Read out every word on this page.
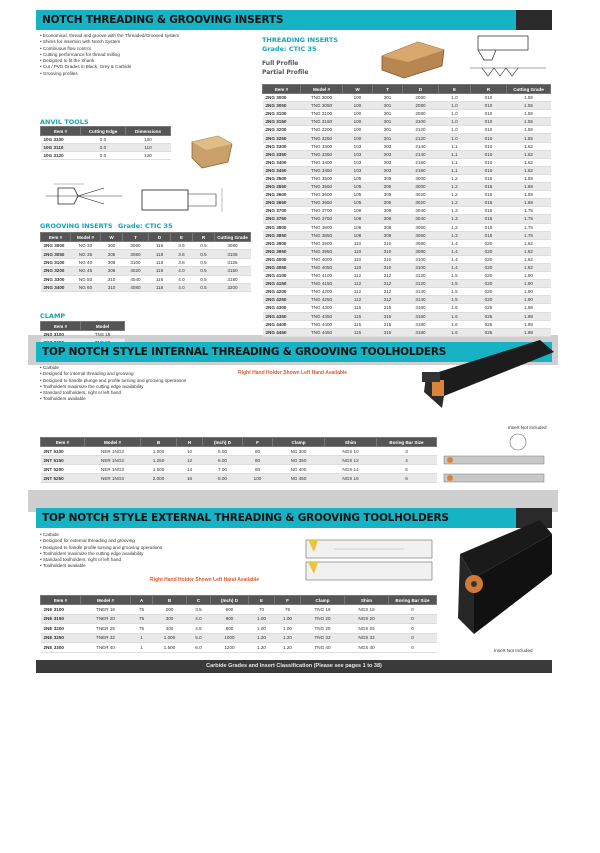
NOTCH THREADING & GROOVING INSERTS
• Economical, thread and groove with the Threaded/Grooved system
• Shims for insertion with Notch System
• Continuous flow control
• Cutting performance for thread milling
• Designed to fit the Shank
• Cut / PVD Grades in Black, Grey & Carbide
• Grooving profiles
ANVIL TOOLS
Item #	Cutting Edge	Dimensions
10G 3100	0.0	100
10G 3110	0.0	110
10G 3120	0.0	120
GROOVING INSERTS Grade: CTIC 35
Item #	Model #	W	T	D	E	R	Cutting Grade
2NG 3000	NG 30	300	3060	116	3.5	0.5	3080
2NG 3050	NG 35	305	3080	118	3.6	0.5	3105
2NG 3100	NG 40	308	3100	118	3.8	0.5	3125
2NG 3200	NG 45	308	4020	116	4.0	0.5	3150
2NG 3300	NG 50	310	4040	116	4.0	0.5	3180
2NG 3400	NG 60	310	4080	118	4.0	0.5	3200
CLAMP
Item #	Model
2NS 3100	TNS 18

THREADING INSERTS
Grade: CTIC 35
Full Profile
Partial Profile
Item #	Model #	W	T	D	E	R	Cutting Grade
2NG 3000	TNG 3000	100	301	2060	1.0	010	1.55
2NG 3050	TNG 3050	100	301	2080	1.0	010	1.55
2NG 3100	TNG 3100	100	301	2080	1.0	010	1.55
2NG 3150	TNG 3150	100	301	2100	1.0	010	1.55
2NG 3200	TNG 3200	100	301	2120	1.0	010	1.55
2NG 3250	TNG 3250	100	301	2120	1.0	010	1.55
2NG 3300	TNG 3300	103	303	2140	1.1	010	1.62
2NG 3350	TNG 3350	103	303	2140	1.1	010	1.62
2NG 3400	TNG 3400	103	303	2160	1.1	010	1.62
2NG 3450	TNG 3450	103	303	2160	1.1	010	1.62
2NG 3500	TNG 3500	105	305	3000	1.2	015	1.68
2NG 3550	TNG 3550	105	305	3000	1.2	015	1.68
2NG 3600	TNG 3600	105	305	3020	1.2	015	1.68
2NG 3650	TNG 3650	105	305	3020	1.2	015	1.68
2NG 3700	TNG 3700	108	308	3040	1.3	015	1.75
2NG 3750	TNG 3750	108	308	3040	1.3	015	1.75
2NG 3800	TNG 3800	108	308	3060	1.3	015	1.75
2NG 3850	TNG 3850	108	308	3060	1.3	015	1.75
2NG 3900	TNG 3900	110	310	3080	1.4	020	1.82
2NG 3950	TNG 3950	110	310	3080	1.4	020	1.82
2NG 4000	TNG 4000	110	310	3100	1.4	020	1.82
2NG 4050	TNG 4050	110	310	3100	1.4	020	1.82
2NG 4100	TNG 4100	112	312	3120	1.5	020	1.90
2NG 4150	TNG 4150	112	312	3120	1.5	020	1.90
2NG 4200	TNG 4200	112	312	3140	1.5	020	1.90
2NG 4250	TNG 4250	112	312	3140	1.5	020	1.90
2NG 4300	TNG 4300	115	315	3160	1.6	025	1.98
2NG 4350	TNG 4350	115	315	3160	1.6	025	1.98
2NG 4400	TNG 4400	115	315	3180	1.6	025	1.98
2NG 4450	TNG 4450	115	315	3180	1.6	025	1.98
TOP NOTCH STYLE INTERNAL THREADING & GROOVING TOOLHOLDERS
• Carbide
• Designed for internal threading and grooving
• Designed to handle plunge and profile turning and grooving operations
• Toolholders maximize the cutting edge availability
• Standard toolholders, right or left hand
• Toolholders available
Right Hand Holder Shown Left Hand Available
Insert Not Included
Item #	Model #	B	H	(Inch) D	F	Clamp	Shim	Boring Bar Size
2NT 5100	NER 1NG3	1.000	10	6.00	80	NG 300	NGS 10	3
2NT 5150	NER 1NG3	1.250	12	6.00	80	NG 350	NGS 12	4
2NT 5200	NER 1NG3	1.500	14	7.00	80	NG 400	NGS 14	5
2NT 5250	NER 1NG4	2.000	16	8.00	100	NG 450	NGS 16	6
TOP NOTCH STYLE EXTERNAL THREADING & GROOVING TOOLHOLDERS
• Carbide
• Designed for external threading and grooving
• Designed to handle profile turning and grooving operations
• Toolholders maximize the cutting edge availability
• Standard toolholders, right or left hand
• Toolholders available
Right Hand Holder Shown Left Hand Available
Insert Not Included
Item #	Model #	A	B	C	(Inch) D	E	F	Clamp	Shim	Boring Bar Size
2NE 3100	TNER 16	75	200	3.5	600	70	75	TNG 16	NGS 16	0
2NE 3150	TNER 20	75	300	4.0	800	1.00	1.00	TNG 20	NGS 20	0
2NE 3200	TNER 25	75	400	4.5	800	1.00	1.00	TNG 25	NGS 25	0
2NE 3250	TNER 32	1	1.000	5.0	1000	1.20	1.20	TNG 32	NGS 32	0
2NE 3300	TNER 40	1	1.500	6.0	1200	1.20	1.20	TNG 40	NGS 40	0
Carbide Grades and Insert Classification (Please see pages 1 to 38)
